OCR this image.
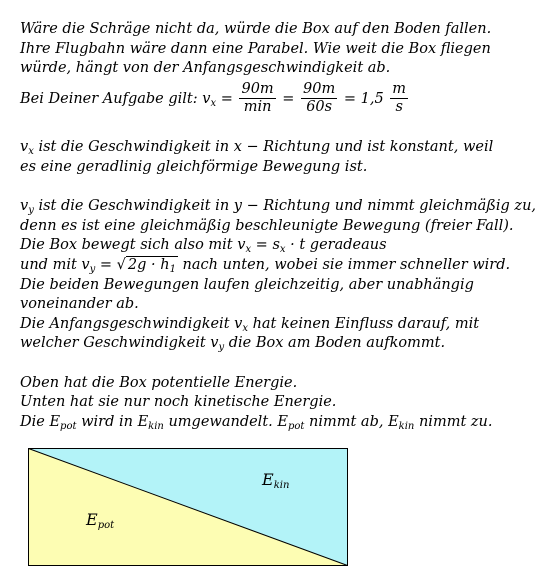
Wäre die Schräge nicht da, würde die Box auf den Boden fallen.
Ihre Flugbahn wäre dann eine Parabel. Wie weit die Box fliegen
würde, hängt von der Anfangsgeschwindigkeit ab.
Bei Deiner Aufgabe gilt: $v_x = \frac{90m}{\min} = \frac{90m}{60s} = 1,5 \frac{m}{s}$
$v_x$ ist die Geschwindigkeit in x − Richtung und ist konstant, weil
es eine geradlinig gleichförmige Bewegung ist.
$v_y$ ist die Geschwindigkeit in y − Richtung und nimmt gleichmäßig zu,
denn es ist eine gleichmäßig beschleunigte Bewegung (freier Fall).
Die Box bewegt sich also mit $v_x = s_x \cdot t$ geradeaus
und mit $v_y$ = √ $2g \cdot h_1$ nach unten, wobei sie immer schneller wird.
Die beiden Bewegungen laufen gleichzeitig, aber unabhängig
voneinander ab.
Die Anfangsgeschwindigkeit $v_x$ hat keinen Einfluss darauf, mit
welcher Geschwindigkeit $v_y$ die Box am Boden aufkommt.
Oben hat die Box potentielle Energie.
Unten hat sie nur noch kinetische Energie.
Die $E_{pot}$ wird in $E_{kin}$ umgewandelt. $E_{pot}$ nimmt ab, $E_{kin}$ nimmt zu.
$E_{kin}$
$E_{pot}$
